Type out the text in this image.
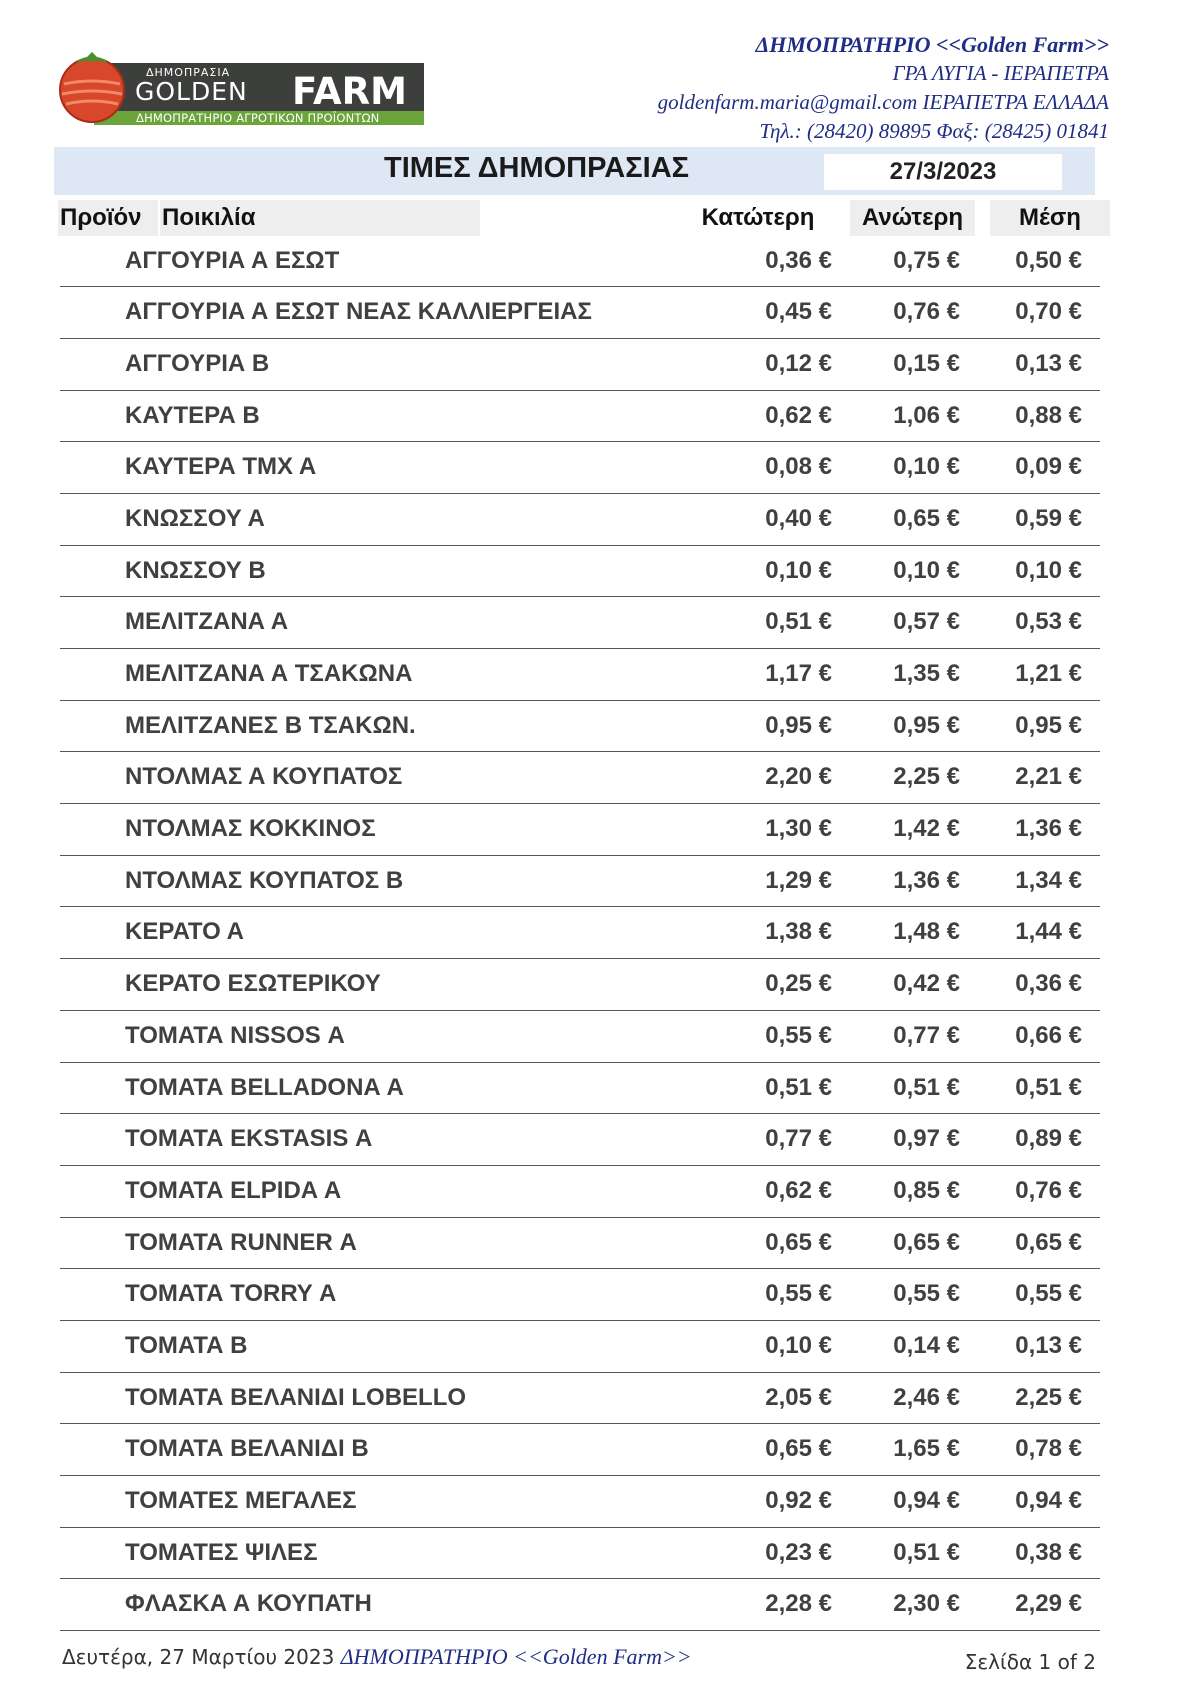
ΔΗΜΟΠΡΑΣΙΑ
GOLDEN FARM
ΔΗΜΟΠΡΑΤΗΡΙΟ ΑΓΡΟΤΙΚΩΝ ΠΡΟΪΟΝΤΩΝ
ΔΗΜΟΠΡΑΤΗΡΙΟ <<Golden Farm>>
ΓΡΑ ΛΥΓΙΑ - ΙΕΡΑΠΕΤΡΑ
goldenfarm.maria@gmail.com ΙΕΡΑΠΕΤΡΑ ΕΛΛΑΔΑ
Τηλ.: (28420) 89895 Φαξ: (28425) 01841
ΤΙΜΕΣ ΔΗΜΟΠΡΑΣΙΑΣ	27/3/2023
Προϊόν Ποικιλία	Κατώτερη	Ανώτερη	Μέση
ΑΓΓΟΥΡΙΑ Α ΕΣΩΤ	0,36 €	0,75 € 0,50 €
ΑΓΓΟΥΡΙΑ Α ΕΣΩΤ ΝΕΑΣ ΚΑΛΛΙΕΡΓΕΙΑΣ	0,45 €	0,76 € 0,70 €
ΑΓΓΟΥΡΙΑ Β	0,12 €	0,15 € 0,13 €
ΚΑΥΤΕΡΑ Β	0,62 €	1,06 € 0,88 €
ΚΑΥΤΕΡΑ ΤΜΧ Α	0,08 €	0,10 € 0,09 €
ΚΝΩΣΣΟΥ Α	0,40 €	0,65 € 0,59 €
ΚΝΩΣΣΟΥ Β	0,10 €	0,10 € 0,10 €
ΜΕΛΙΤΖΑΝΑ Α	0,51 €	0,57 € 0,53 €
ΜΕΛΙΤΖΑΝΑ Α ΤΣΑΚΩΝΑ	1,17 €	1,35 € 1,21 €
ΜΕΛΙΤΖΑΝΕΣ Β ΤΣΑΚΩΝ.	0,95 €	0,95 € 0,95 €
ΝΤΟΛΜΑΣ Α ΚΟΥΠΑΤΟΣ	2,20 €	2,25 € 2,21 €
ΝΤΟΛΜΑΣ ΚΟΚΚΙΝΟΣ	1,30 €	1,42 € 1,36 €
ΝΤΟΛΜΑΣ ΚΟΥΠΑΤΟΣ Β	1,29 €	1,36 € 1,34 €
ΚΕΡΑΤΟ Α	1,38 €	1,48 € 1,44 €
ΚΕΡΑΤΟ ΕΣΩΤΕΡΙΚΟΥ	0,25 €	0,42 € 0,36 €
ΤΟΜΑΤΑ NISSOS Α	0,55 €	0,77 € 0,66 €
ΤΟΜΑΤΑ BELLADONA Α	0,51 €	0,51 € 0,51 €
ΤΟΜΑΤΑ EKSTASIS Α	0,77 €	0,97 € 0,89 €
ΤΟΜΑΤΑ ELPIDA Α	0,62 €	0,85 € 0,76 €
ΤΟΜΑΤΑ RUNNER Α	0,65 €	0,65 € 0,65 €
ΤΟΜΑΤΑ TORRY Α	0,55 €	0,55 € 0,55 €
ΤΟΜΑΤΑ Β	0,10 €	0,14 € 0,13 €
ΤΟΜΑΤΑ ΒΕΛΑΝΙΔΙ LOBELLO	2,05 €	2,46 € 2,25 €
ΤΟΜΑΤΑ ΒΕΛΑΝΙΔΙ Β	0,65 €	1,65 € 0,78 €
ΤΟΜΑΤΕΣ ΜΕΓΑΛΕΣ	0,92 €	0,94 € 0,94 €
ΤΟΜΑΤΕΣ ΨΙΛΕΣ	0,23 €	0,51 € 0,38 €
ΦΛΑΣΚΑ Α ΚΟΥΠΑΤΗ	2,28 €	2,30 € 2,29 €
Δευτέρα, 27 Μαρτίου 2023 ΔΗΜΟΠΡΑΤΗΡΙΟ <<Golden Farm>>	Σελίδα 1 of 2
